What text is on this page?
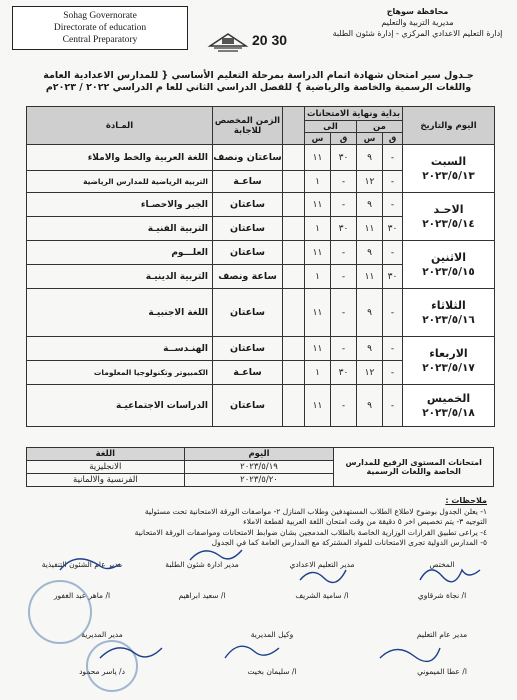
Sohag Governorate
Directorate of education
Central Preparatory	20 30
محافظة سوهاج
مديرية التربية والتعليم
إدارة التعليم الاعدادي المركزي - إدارة شئون الطلبة
جـدول سير امتحان شهادة اتمام الدراسة بمرحلة التعليم الأساسي { للمدارس الاعدادية العامة
واللغات الرسمية والخاصة والرياضية } للفصل الدراسي الثاني للعا م الدراسي ٢٠٢٢ / ٢٠٢٣م
اليوم والتاريخ	بداية ونهاية الامتحانات					الزمن المخصص للاجابة	المـادة
	من		الى				
	ق	س	ق	س			

السبت
٢٠٢٣/٥/١٣	-	٩	٣٠	١١		ساعتان ونصف	اللغة العربية والخط والاملاء
	-	١٢	-	١		ساعـة	التربية الرياضية للمدارس الرياضية

الاحـد
٢٠٢٣/٥/١٤	-	٩	-	١١		ساعتان	الجبر والاحصـاء
	٣٠	١١	٣٠	١		ساعتان	التربية الفنيـة

الاثنين
٢٠٢٣/٥/١٥	-	٩	-	١١		ساعتان	العلـــوم
	٣٠	١١	-	١		ساعة ونصف	التربية الدينيـة

الثلاثاء
٢٠٢٣/٥/١٦	-	٩	-	١١		ساعتان	اللغة الاجنبيـة

الاربعاء
٢٠٢٣/٥/١٧	-	٩	-	١١		ساعتان	الهنـدســة
	-	١٢	٣٠	١		ساعـة	الكمبيوتر وتكنولوجيا المعلومات

الخميس
٢٠٢٣/٥/١٨	-	٩	-	١١		ساعتان	الدراسات الاجتماعيـة
امتحانات المستوى الرفيع للمدارس الخاصة واللغات الرسمية	اليوم	اللغة
	٢٠٢٣/٥/١٩	الانجليزية
	٢٠٢٣/٥/٢٠	الفرنسية والالمانية
ملاحظات :
١- يعلن الجدول بوضوح لاطلاع الطلاب المستهدفين وطلاب المنازل ٢- مواصفات الورقة الامتحانية تحت مسئولية
التوجيه ٣- يتم تخصيص اخر ٥ دقيقة من وقت امتحان اللغة العربية لقطعة الاملاء
٤- يراعى تطبيق القرارات الوزارية الخاصة بالطلاب المدمجين بشان ضوابط الامتحانات ومواصفات الورقة الامتحانية
٥- المدارس الدولية تجرى الامتحانات للمواد المشتركة مع المدارس العامة كما في الجدول
المختص
ا/ نجاة شرقاوي
مدير التعليم الاعدادي
ا/ سامية الشريف
مدير ادارة شئون الطلبة
ا/ سعيد ابراهيم
مدير عام الشئون التنفيذية
ا/ ماهر عبد الغفور
مدير عام التعليم
ا/ عطا الميموني
وكيل المديرية
ا/ سليمان بخيت
مدير المديرية
د/ ياسر محمود
